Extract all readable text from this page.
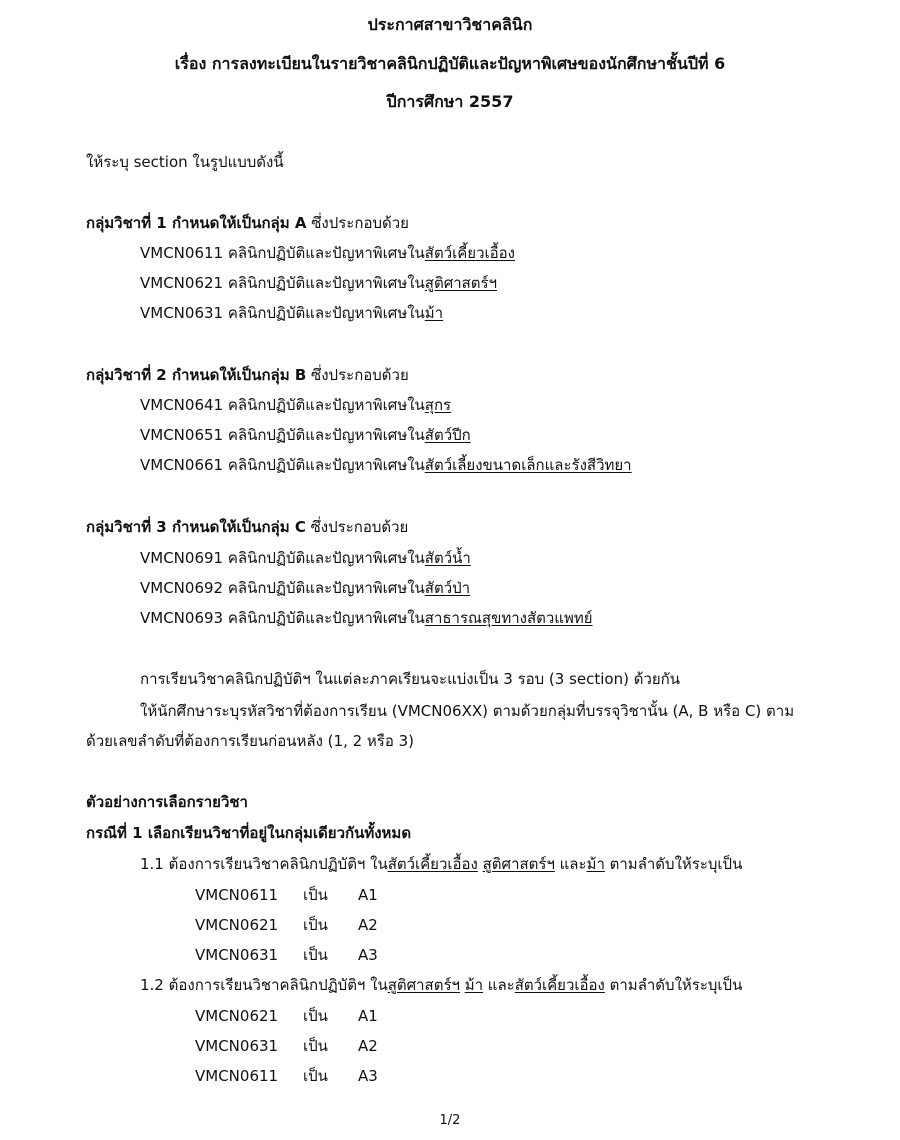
ประกาศสาขาวิชาคลินิก
เรื่อง การลงทะเบียนในรายวิชาคลินิกปฏิบัติและปัญหาพิเศษของนักศึกษาชั้นปีที่ 6
ปีการศึกษา 2557
ให้ระบุ section ในรูปแบบดังนี้
กลุ่มวิชาที่ 1 กำหนดให้เป็นกลุ่ม A ซึ่งประกอบด้วย
VMCN0611 คลินิกปฏิบัติและปัญหาพิเศษในสัตว์เคี้ยวเอื้อง
VMCN0621 คลินิกปฏิบัติและปัญหาพิเศษในสูติศาสตร์ฯ
VMCN0631 คลินิกปฏิบัติและปัญหาพิเศษในม้า
กลุ่มวิชาที่ 2 กำหนดให้เป็นกลุ่ม B ซึ่งประกอบด้วย
VMCN0641 คลินิกปฏิบัติและปัญหาพิเศษในสุกร
VMCN0651 คลินิกปฏิบัติและปัญหาพิเศษในสัตว์ปีก
VMCN0661 คลินิกปฏิบัติและปัญหาพิเศษในสัตว์เลี้ยงขนาดเล็กและรังสีวิทยา
กลุ่มวิชาที่ 3 กำหนดให้เป็นกลุ่ม C ซึ่งประกอบด้วย
VMCN0691 คลินิกปฏิบัติและปัญหาพิเศษในสัตว์น้ำ
VMCN0692 คลินิกปฏิบัติและปัญหาพิเศษในสัตว์ป่า
VMCN0693 คลินิกปฏิบัติและปัญหาพิเศษในสาธารณสุขทางสัตวแพทย์
การเรียนวิชาคลินิกปฏิบัติฯ ในแต่ละภาคเรียนจะแบ่งเป็น 3 รอบ (3 section) ด้วยกัน
ให้นักศึกษาระบุรหัสวิชาที่ต้องการเรียน (VMCN06XX) ตามด้วยกลุ่มที่บรรจุวิชานั้น (A, B หรือ C) ตาม
ด้วยเลขลำดับที่ต้องการเรียนก่อนหลัง (1, 2 หรือ 3)
ตัวอย่างการเลือกรายวิชา
กรณีที่ 1 เลือกเรียนวิชาที่อยู่ในกลุ่มเดียวกันทั้งหมด
1.1 ต้องการเรียนวิชาคลินิกปฏิบัติฯ ในสัตว์เคี้ยวเอื้อง สูติศาสตร์ฯ และม้า ตามลำดับให้ระบุเป็น
VMCN0611 เป็น A1
VMCN0621 เป็น A2
VMCN0631 เป็น A3
1.2 ต้องการเรียนวิชาคลินิกปฏิบัติฯ ในสูติศาสตร์ฯ ม้า และสัตว์เคี้ยวเอื้อง ตามลำดับให้ระบุเป็น
VMCN0621 เป็น A1
VMCN0631 เป็น A2
VMCN0611 เป็น A3
1/2
